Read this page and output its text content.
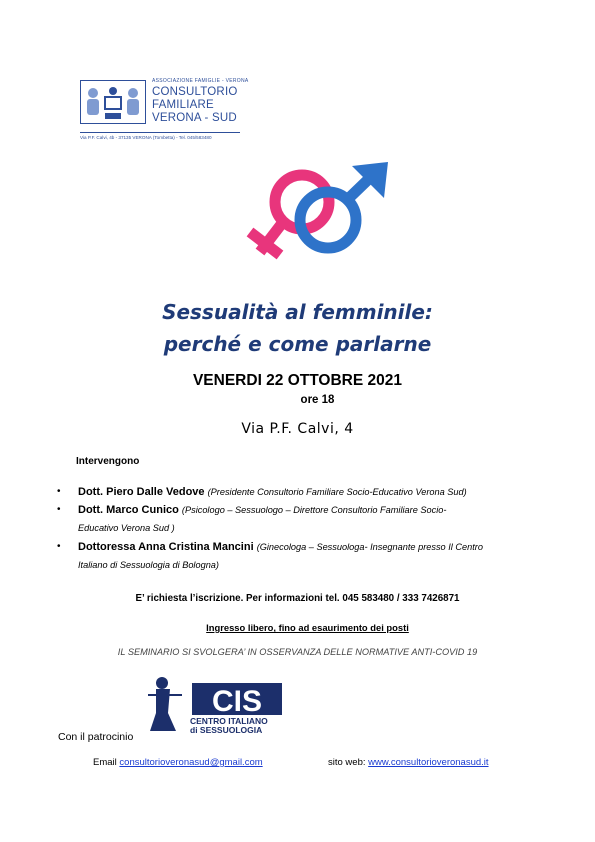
ASSOCIAZIONE FAMIGLIE - VERONA
CONSULTORIO
FAMILIARE
VERONA - SUD
Via P.F. Calvi, 4b - 37135 VERONA (Tombetta) - Tel. 045/583480
Sessualità al femminile:
perché e come parlarne
VENERDI 22 OTTOBRE 2021
ore 18
Via P.F. Calvi, 4
Intervengono
• Dott. Piero Dalle Vedove (Presidente Consultorio Familiare Socio-Educativo Verona Sud)
• Dott. Marco Cunico (Psicologo – Sessuologo – Direttore Consultorio Familiare Socio-
Educativo Verona Sud )
• Dottoressa Anna Cristina Mancini (Ginecologa – Sessuologa- Insegnante presso Il Centro
Italiano di Sessuologia di Bologna)
E’ richiesta l’iscrizione. Per informazioni tel. 045 583480 / 333 7426871
Ingresso libero, fino ad esaurimento dei posti
IL SEMINARIO SI SVOLGERA’ IN OSSERVANZA DELLE NORMATIVE ANTI-COVID 19
Con il patrocinio
CIS
CENTRO ITALIANO
di SESSUOLOGIA
Email consultorioveronasud@gmail.com	sito web: www.consultorioveronasud.it
